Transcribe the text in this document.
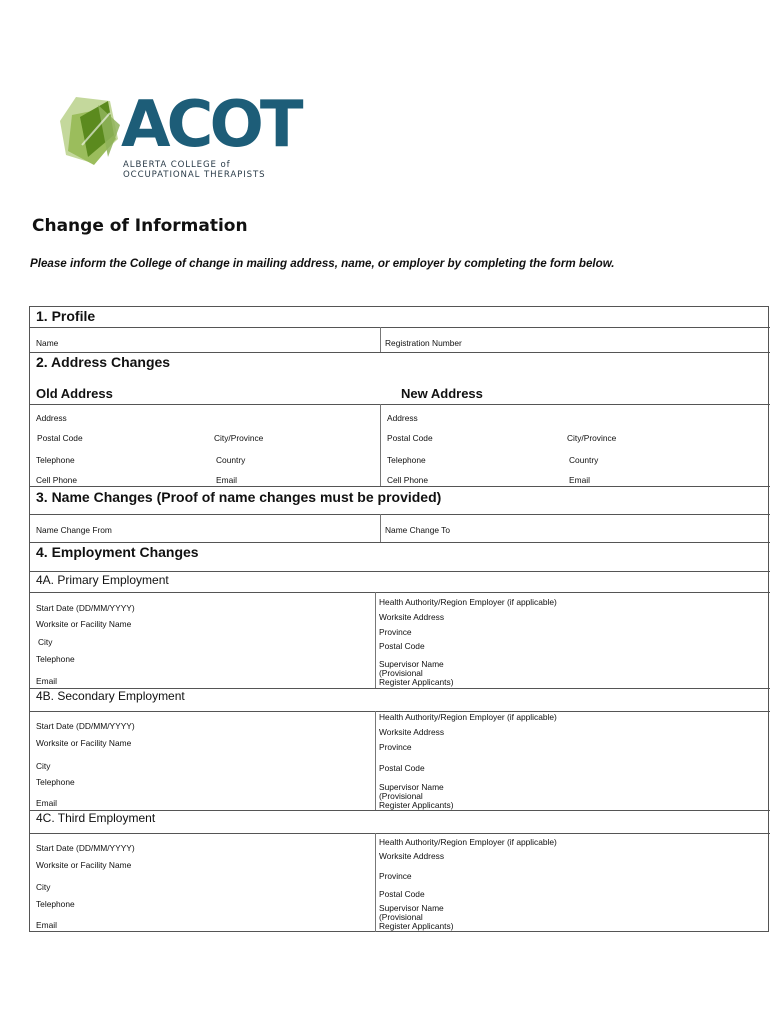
ACOT
ALBERTA COLLEGE of
OCCUPATIONAL THERAPISTS
Change of Information
Please inform the College of change in mailing address, name, or employer by completing the form below.
1. Profile
Name	Registration Number
2. Address Changes
Old Address	New Address
Address
Postal Code	City/Province
Telephone	Country
Cell Phone	Email
Address
Postal Code	City/Province
Telephone	Country
Cell Phone	Email
3. Name Changes (Proof of name changes must be provided)
Name Change From	Name Change To
4. Employment Changes
4A. Primary Employment
Start Date (DD/MM/YYYY)
Worksite or Facility Name
City
Telephone
Email
Health Authority/Region Employer (if applicable)
Worksite Address
Province
Postal Code
Supervisor Name
(Provisional
Register Applicants)
4B. Secondary Employment
Start Date (DD/MM/YYYY)
Worksite or Facility Name
City
Telephone
Email
Health Authority/Region Employer (if applicable)
Worksite Address
Province
Postal Code
Supervisor Name
(Provisional
Register Applicants)
4C. Third Employment
Start Date (DD/MM/YYYY)
Worksite or Facility Name
City
Telephone
Email
Health Authority/Region Employer (if applicable)
Worksite Address
Province
Postal Code
Supervisor Name
(Provisional
Register Applicants)
